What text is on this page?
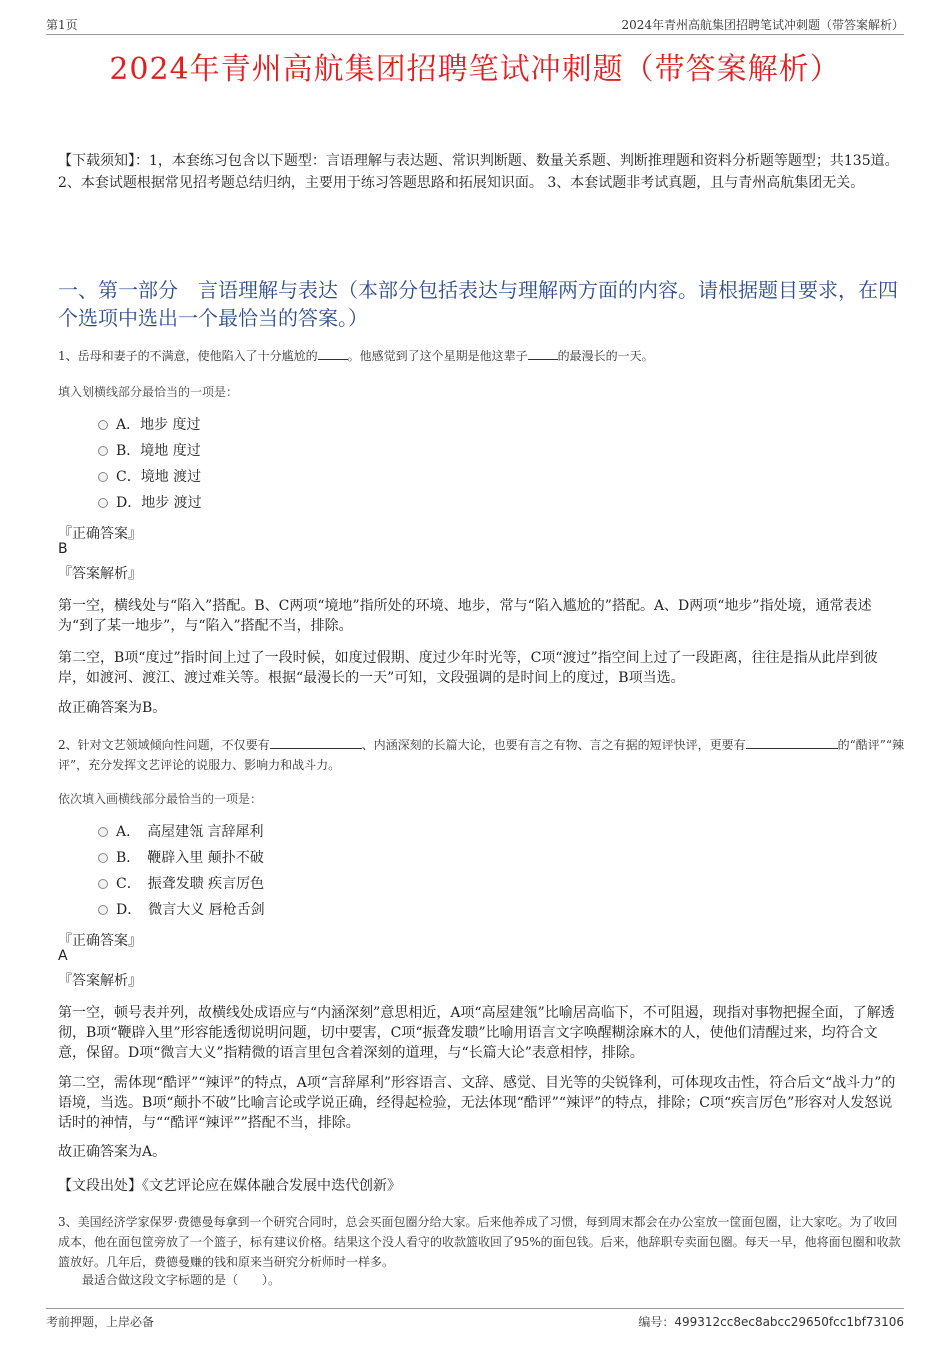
第1页	2024年青州高航集团招聘笔试冲刺题（带答案解析）
2024年青州高航集团招聘笔试冲刺题（带答案解析）
【下载须知】：1，本套练习包含以下题型：言语理解与表达题、常识判断题、数量关系题、判断推理题和资料分析题等题型；共135道。 2、本套试题根据常见招考题总结归纳，主要用于练习答题思路和拓展知识面。 3、本套试题非考试真题，且与青州高航集团无关。
一、第一部分　言语理解与表达（本部分包括表达与理解两方面的内容。请根据题目要求，在四个选项中选出一个最恰当的答案。）
1、岳母和妻子的不满意，使他陷入了十分尴尬的	。他感觉到了这个星期是他这辈子	的最漫长的一天。
填入划横线部分最恰当的一项是：
A．地步 度过
B．境地 度过
C．境地 渡过
D．地步 渡过
『正确答案』
B
『答案解析』
第一空，横线处与“陷入”搭配。B、C两项“境地”指所处的环境、地步，常与“陷入尴尬的”搭配。A、D两项“地步”指处境，通常表述为“到了某一地步”，与“陷入”搭配不当，排除。
第二空，B项“度过”指时间上过了一段时候，如度过假期、度过少年时光等，C项“渡过”指空间上过了一段距离，往往是指从此岸到彼岸，如渡河、渡江、渡过难关等。根据“最漫长的一天”可知，文段强调的是时间上的度过，B项当选。
故正确答案为B。
2、针对文艺领域倾向性问题，不仅要有	、内涵深刻的长篇大论，也要有言之有物、言之有据的短评快评，更要有	的“酷评”“辣评”，充分发挥文艺评论的说服力、影响力和战斗力。
依次填入画横线部分最恰当的一项是：
A．　高屋建瓴 言辞犀利
B．　鞭辟入里 颠扑不破
C．　振聋发聩 疾言厉色
D．　微言大义 唇枪舌剑
『正确答案』
A
『答案解析』
第一空，顿号表并列，故横线处成语应与“内涵深刻”意思相近，A项“高屋建瓴”比喻居高临下，不可阻遏，现指对事物把握全面，了解透彻，B项“鞭辟入里”形容能透彻说明问题，切中要害，C项“振聋发聩”比喻用语言文字唤醒糊涂麻木的人，使他们清醒过来，均符合文意，保留。D项“微言大义”指精微的语言里包含着深刻的道理，与“长篇大论”表意相悖，排除。
第二空，需体现“酷评”“辣评”的特点，A项“言辞犀利”形容语言、文辞、感觉、目光等的尖锐锋利，可体现攻击性，符合后文“战斗力”的语境，当选。B项“颠扑不破”比喻言论或学说正确，经得起检验，无法体现“酷评”“辣评”的特点，排除；C项“疾言厉色”形容对人发怒说话时的神情，与““酷评“辣评””搭配不当，排除。
故正确答案为A。
【文段出处】《文艺评论应在媒体融合发展中迭代创新》
3、美国经济学家保罗·费德曼每拿到一个研究合同时，总会买面包圈分给大家。后来他养成了习惯，每到周末都会在办公室放一筐面包圈，让大家吃。为了收回成本，他在面包筐旁放了一个篮子，标有建议价格。结果这个没人看守的收款篮收回了95%的面包钱。后来，他辞职专卖面包圈。每天一早，他将面包圈和收款篮放好。几年后，费德曼赚的钱和原来当研究分析师时一样多。
最适合做这段文字标题的是（　　）。
考前押题，上岸必备	编号：499312cc8ec8abcc29650fcc1bf73106
